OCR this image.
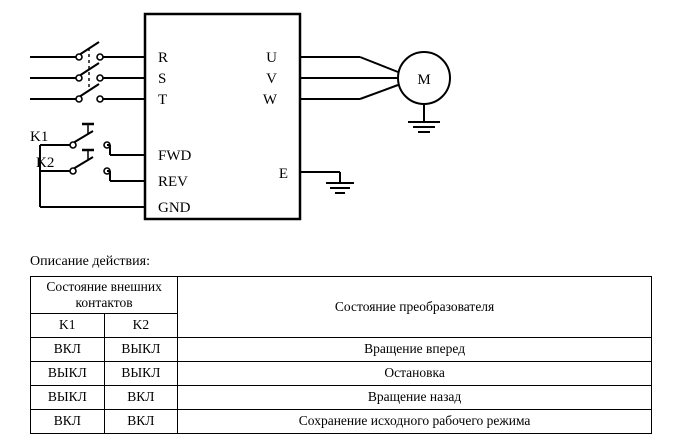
R
S
T
U
V
W
M
FWD
REV
GND
K1
K2
E
Описание действия:
Состояние внешних контактов		Состояние преобразователя
K1	K2	
ВКЛ	ВЫКЛ	Вращение вперед
ВЫКЛ	ВЫКЛ	Остановка
ВЫКЛ	ВКЛ	Вращение назад
ВКЛ	ВКЛ	Сохранение исходного рабочего режима
